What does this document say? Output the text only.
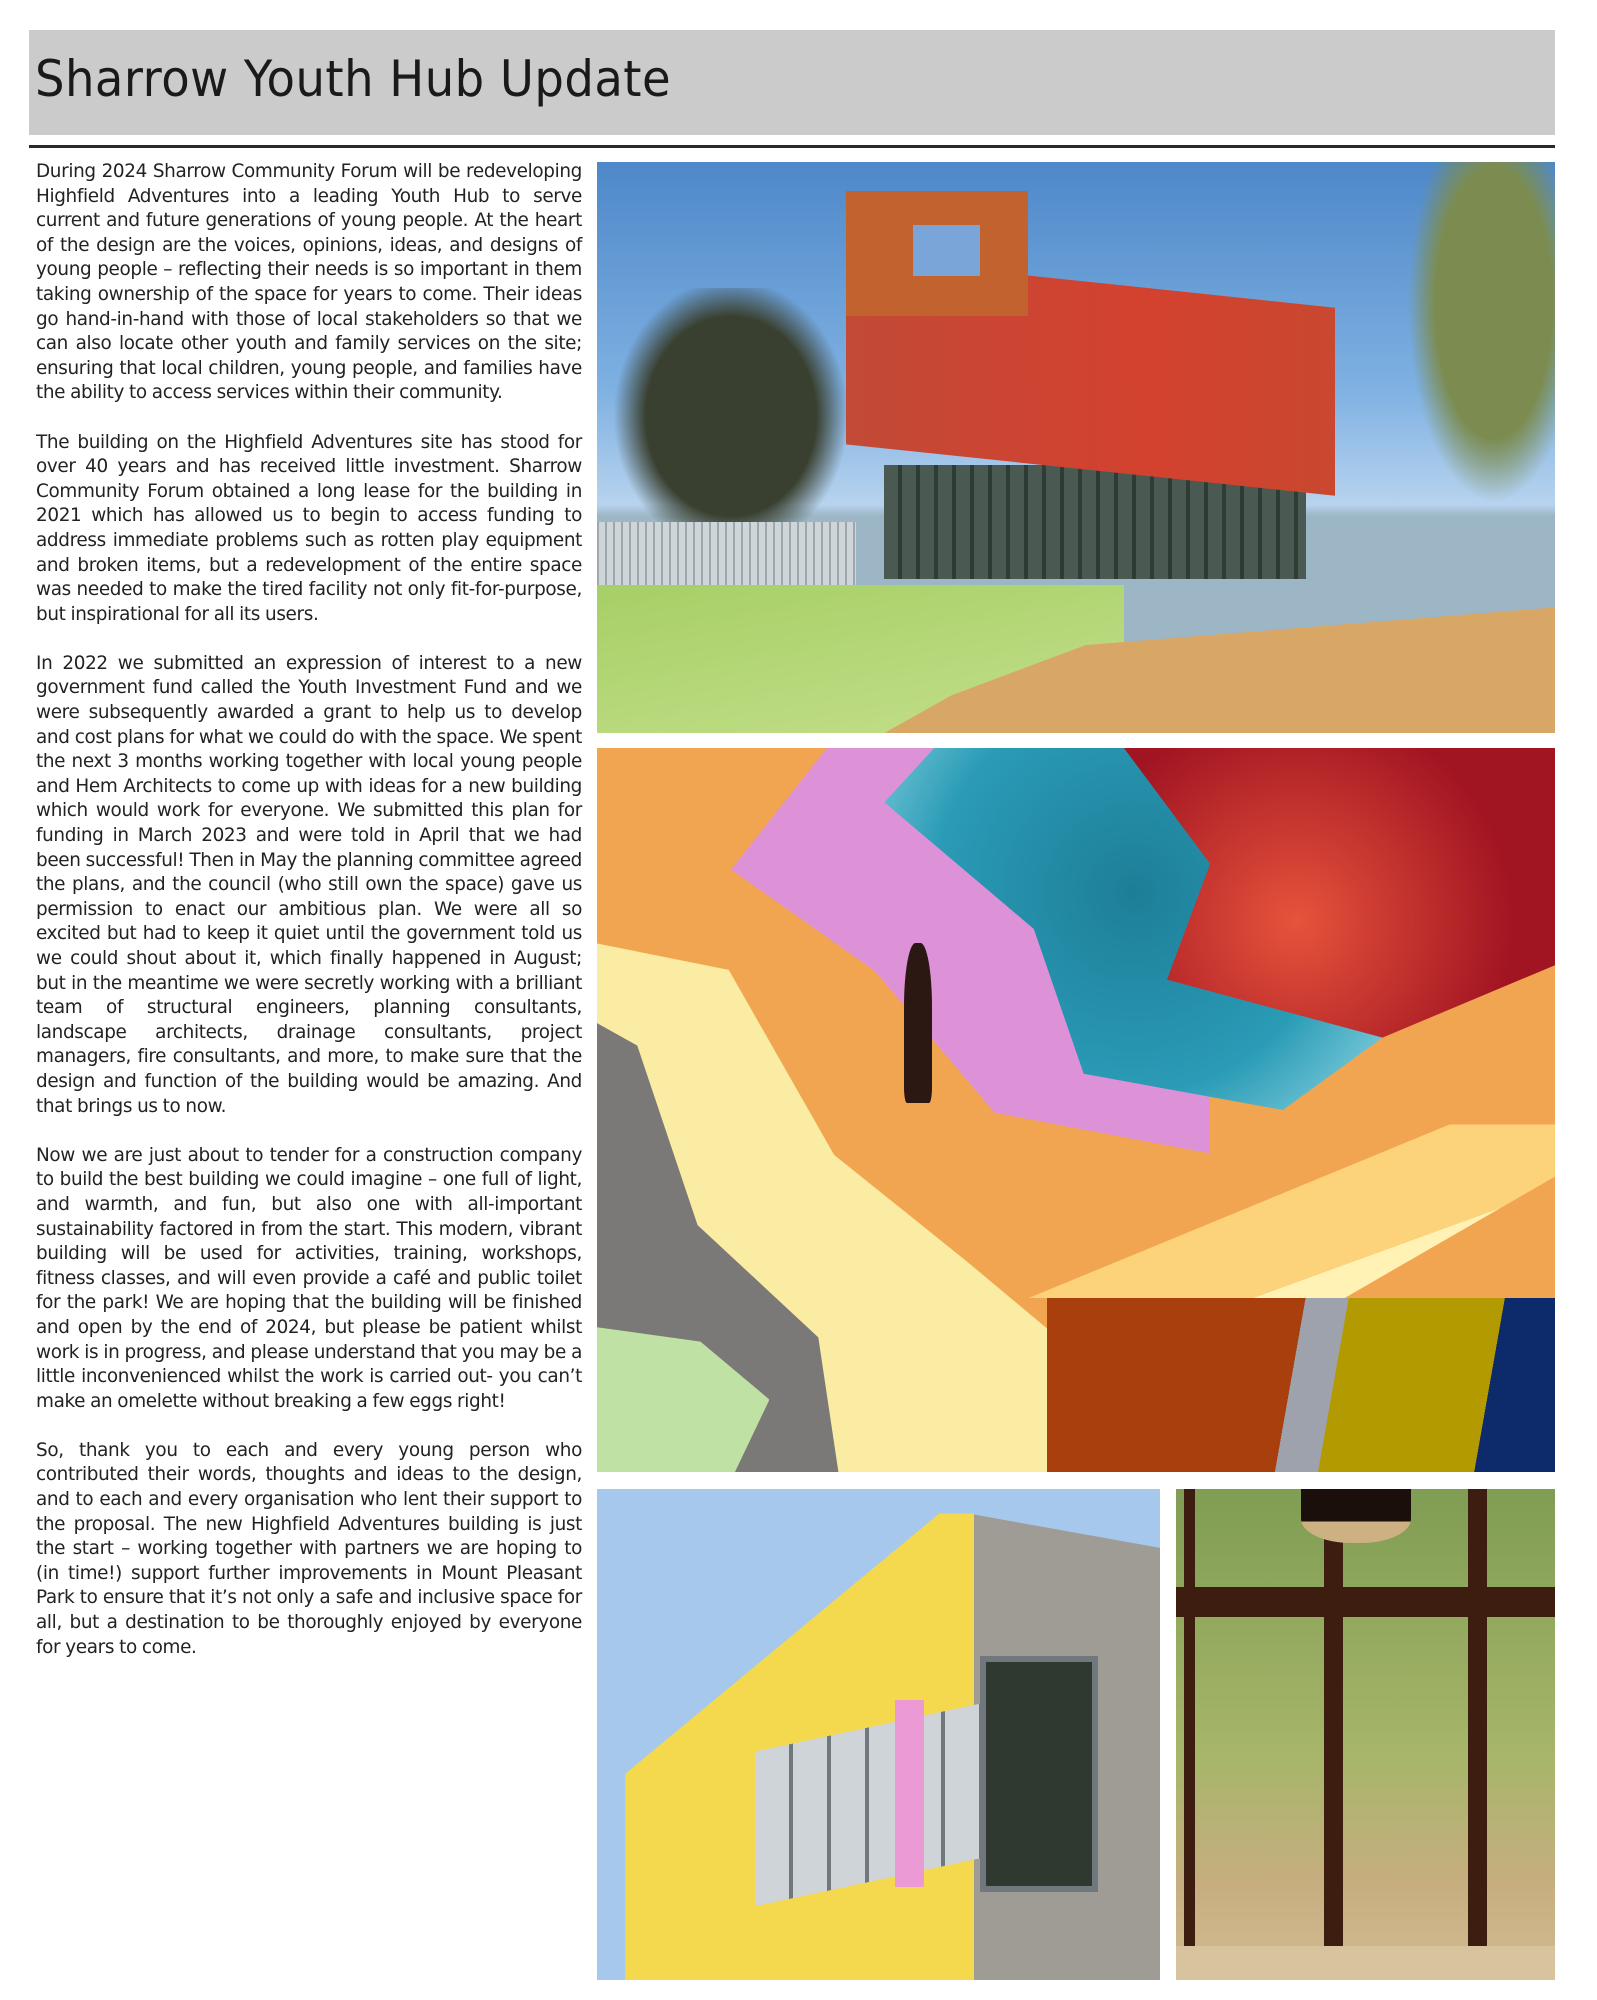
Sharrow Youth Hub Update

During 2024 Sharrow Community Forum will be redeveloping Highfield Adventures into a leading Youth Hub to serve current and future generations of young people. At the heart of the design are the voices, opinions, ideas, and designs of young people – reflecting their needs is so important in them taking ownership of the space for years to come. Their ideas go hand-in-hand with those of local stakeholders so that we can also locate other youth and family services on the site; ensuring that local children, young people, and families have the ability to access services within their community.

The building on the Highfield Adventures site has stood for over 40 years and has received little investment. Sharrow Community Forum obtained a long lease for the building in 2021 which has allowed us to begin to access funding to address immediate problems such as rotten play equipment and broken items, but a redevelopment of the entire space was needed to make the tired facility not only fit-for-purpose, but inspirational for all its users.

In 2022 we submitted an expression of interest to a new government fund called the Youth Investment Fund and we were subsequently awarded a grant to help us to develop and cost plans for what we could do with the space. We spent the next 3 months working together with local young people and Hem Architects to come up with ideas for a new building which would work for everyone. We submitted this plan for funding in March 2023 and were told in April that we had been successful! Then in May the planning committee agreed the plans, and the council (who still own the space) gave us permission to enact our ambitious plan. We were all so excited but had to keep it quiet until the government told us we could shout about it, which finally happened in August; but in the meantime we were secretly working with a brilliant team of structural engineers, planning consultants, landscape architects, drainage consultants, project managers, fire consultants, and more, to make sure that the design and function of the building would be amazing. And that brings us to now.

Now we are just about to tender for a construction company to build the best building we could imagine – one full of light, and warmth, and fun, but also one with all-important sustainability factored in from the start. This modern, vibrant building will be used for activities, training, workshops, fitness classes, and will even provide a café and public toilet for the park! We are hoping that the building will be finished and open by the end of 2024, but please be patient whilst work is in progress, and please understand that you may be a little inconvenienced whilst the work is carried out- you can’t make an omelette without breaking a few eggs right!

So, thank you to each and every young person who contributed their words, thoughts and ideas to the design, and to each and every organisation who lent their support to the proposal. The new Highfield Adventures building is just the start – working together with partners we are hoping to (in time!) support further improvements in Mount Pleasant Park to ensure that it’s not only a safe and inclusive space for all, but a destination to be thoroughly enjoyed by everyone for years to come.
